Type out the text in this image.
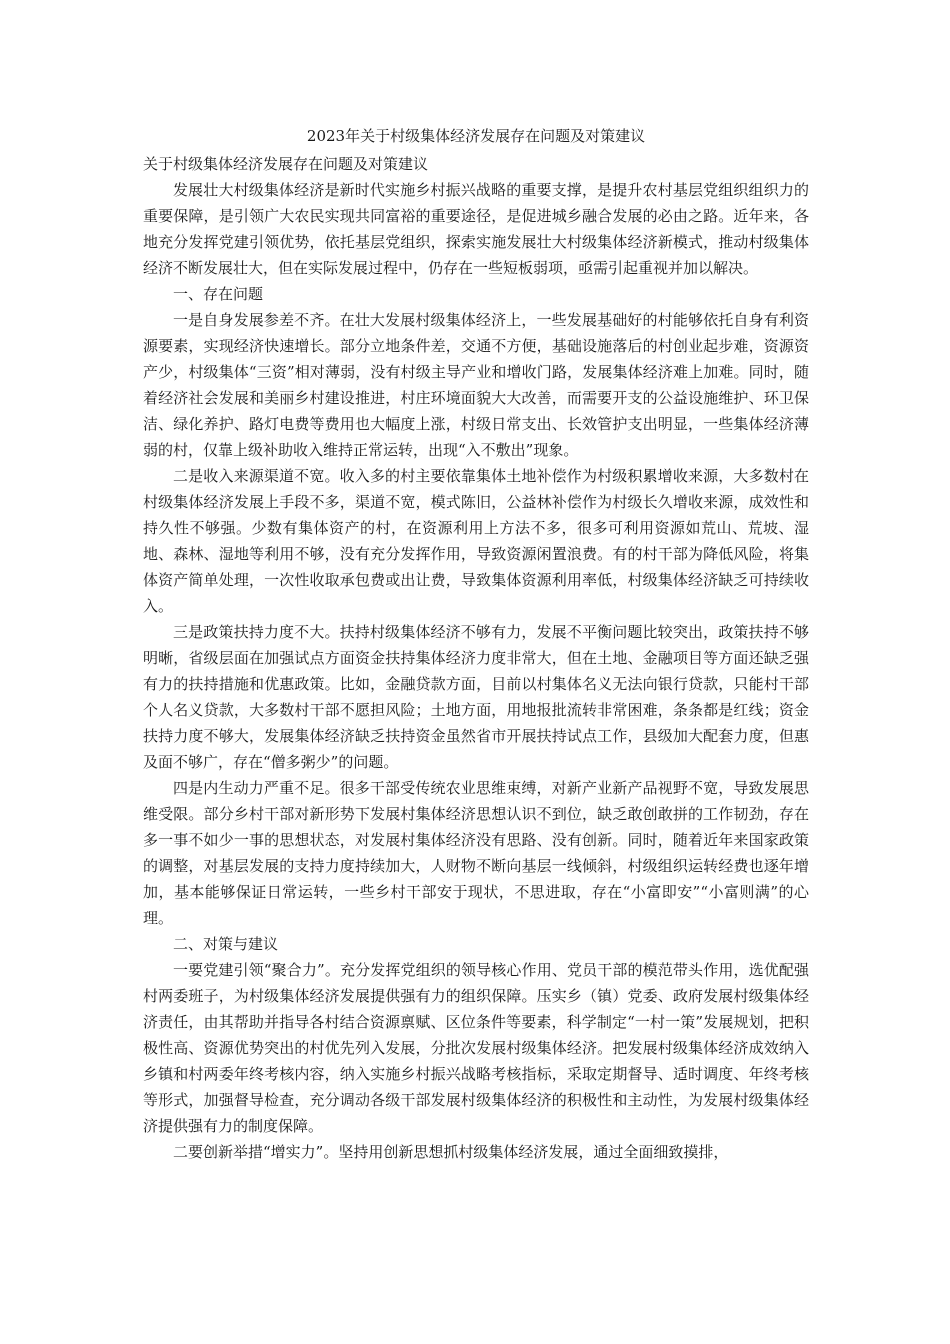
2023年关于村级集体经济发展存在问题及对策建议
关于村级集体经济发展存在问题及对策建议

发展壮大村级集体经济是新时代实施乡村振兴战略的重要支撑，是提升农村基层党组织组织力的重要保障，是引领广大农民实现共同富裕的重要途径，是促进城乡融合发展的必由之路。近年来，各地充分发挥党建引领优势，依托基层党组织，探索实施发展壮大村级集体经济新模式，推动村级集体经济不断发展壮大，但在实际发展过程中，仍存在一些短板弱项，亟需引起重视并加以解决。

一、存在问题

一是自身发展参差不齐。在壮大发展村级集体经济上，一些发展基础好的村能够依托自身有利资源要素，实现经济快速增长。部分立地条件差，交通不方便，基础设施落后的村创业起步难，资源资产少，村级集体“三资”相对薄弱，没有村级主导产业和增收门路，发展集体经济难上加难。同时，随着经济社会发展和美丽乡村建设推进，村庄环境面貌大大改善，而需要开支的公益设施维护、环卫保洁、绿化养护、路灯电费等费用也大幅度上涨，村级日常支出、长效管护支出明显，一些集体经济薄弱的村，仅靠上级补助收入维持正常运转，出现“入不敷出”现象。

二是收入来源渠道不宽。收入多的村主要依靠集体土地补偿作为村级积累增收来源，大多数村在村级集体经济发展上手段不多，渠道不宽，模式陈旧，公益林补偿作为村级长久增收来源，成效性和持久性不够强。少数有集体资产的村，在资源利用上方法不多，很多可利用资源如荒山、荒坡、湿地、森林、湿地等利用不够，没有充分发挥作用，导致资源闲置浪费。有的村干部为降低风险，将集体资产简单处理，一次性收取承包费或出让费，导致集体资源利用率低，村级集体经济缺乏可持续收入。

三是政策扶持力度不大。扶持村级集体经济不够有力，发展不平衡问题比较突出，政策扶持不够明晰，省级层面在加强试点方面资金扶持集体经济力度非常大，但在土地、金融项目等方面还缺乏强有力的扶持措施和优惠政策。比如，金融贷款方面，目前以村集体名义无法向银行贷款，只能村干部个人名义贷款，大多数村干部不愿担风险；土地方面，用地报批流转非常困难，条条都是红线；资金扶持力度不够大，发展集体经济缺乏扶持资金虽然省市开展扶持试点工作，县级加大配套力度，但惠及面不够广，存在“僧多粥少”的问题。

四是内生动力严重不足。很多干部受传统农业思维束缚，对新产业新产品视野不宽，导致发展思维受限。部分乡村干部对新形势下发展村集体经济思想认识不到位，缺乏敢创敢拼的工作韧劲，存在多一事不如少一事的思想状态，对发展村集体经济没有思路、没有创新。同时，随着近年来国家政策的调整，对基层发展的支持力度持续加大，人财物不断向基层一线倾斜，村级组织运转经费也逐年增加，基本能够保证日常运转，一些乡村干部安于现状，不思进取，存在“小富即安”“小富则满”的心理。

二、对策与建议

一要党建引领“聚合力”。充分发挥党组织的领导核心作用、党员干部的模范带头作用，选优配强村两委班子，为村级集体经济发展提供强有力的组织保障。压实乡（镇）党委、政府发展村级集体经济责任，由其帮助并指导各村结合资源禀赋、区位条件等要素，科学制定“一村一策”发展规划，把积极性高、资源优势突出的村优先列入发展，分批次发展村级集体经济。把发展村级集体经济成效纳入乡镇和村两委年终考核内容，纳入实施乡村振兴战略考核指标，采取定期督导、适时调度、年终考核等形式，加强督导检查，充分调动各级干部发展村级集体经济的积极性和主动性，为发展村级集体经济提供强有力的制度保障。

二要创新举措“增实力”。坚持用创新思想抓村级集体经济发展，通过全面细致摸排，
